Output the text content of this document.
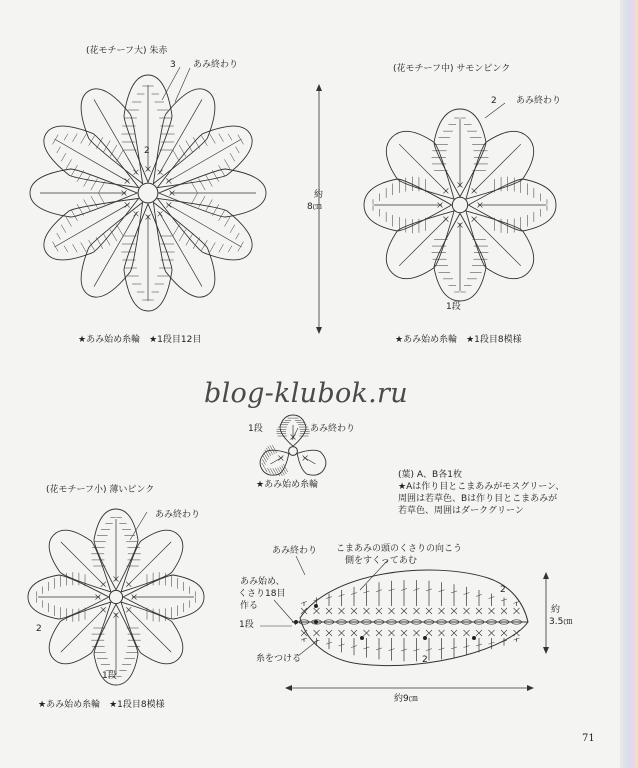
(花モチーフ大) 朱赤
3 あみ終わり
2
★あみ始め糸輪　★1段目12目
(花モチーフ中) サモンピンク
2 あみ終わり
1段
約
8㎝
★あみ始め糸輪　★1段目8模様
blog-klubok.ru
1段	あみ終わり
★あみ始め糸輪
(葉) A、B各1枚
★Aは作り目とこまあみがモスグリーン、
周囲は若草色、Bは作り目とこまあみが
若草色、周囲はダークグリーン
(花モチーフ小) 薄いピンク
あみ終わり
2
1段
★あみ始め糸輪　★1段目8模様
あみ終わり こまあみの頭のくさりの向こう
側をすくってあむ
あみ始め、
くさり18目
作る
1段
糸をつける
2
2
約9㎝
約
3.5㎝
71
